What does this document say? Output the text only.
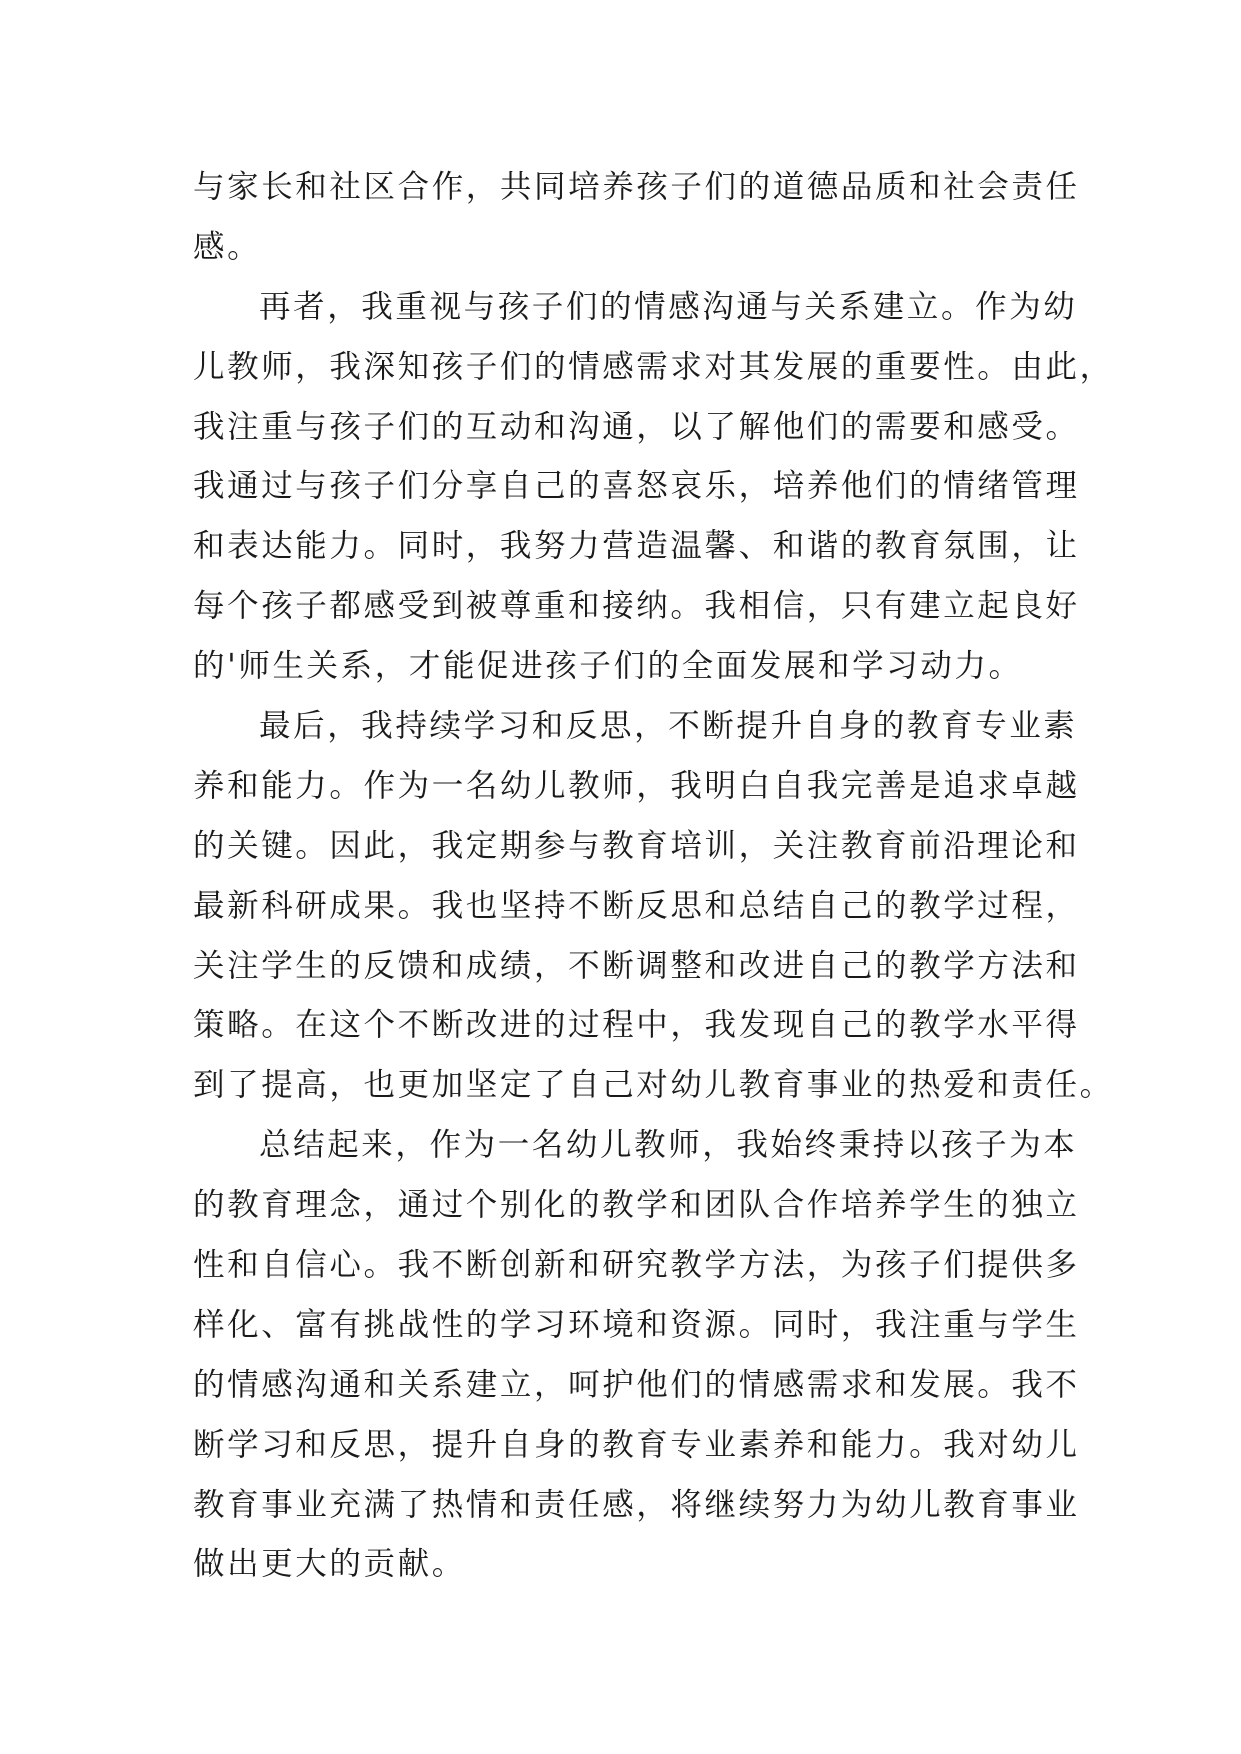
与家长和社区合作，共同培养孩子们的道德品质和社会责任
感。
再者，我重视与孩子们的情感沟通与关系建立。作为幼
儿教师，我深知孩子们的情感需求对其发展的重要性。由此，
我注重与孩子们的互动和沟通，以了解他们的需要和感受。
我通过与孩子们分享自己的喜怒哀乐，培养他们的情绪管理
和表达能力。同时，我努力营造温馨、和谐的教育氛围，让
每个孩子都感受到被尊重和接纳。我相信，只有建立起良好
的'师生关系，才能促进孩子们的全面发展和学习动力。
最后，我持续学习和反思，不断提升自身的教育专业素
养和能力。作为一名幼儿教师，我明白自我完善是追求卓越
的关键。因此，我定期参与教育培训，关注教育前沿理论和
最新科研成果。我也坚持不断反思和总结自己的教学过程，
关注学生的反馈和成绩，不断调整和改进自己的教学方法和
策略。在这个不断改进的过程中，我发现自己的教学水平得
到了提高，也更加坚定了自己对幼儿教育事业的热爱和责任。
总结起来，作为一名幼儿教师，我始终秉持以孩子为本
的教育理念，通过个别化的教学和团队合作培养学生的独立
性和自信心。我不断创新和研究教学方法，为孩子们提供多
样化、富有挑战性的学习环境和资源。同时，我注重与学生
的情感沟通和关系建立，呵护他们的情感需求和发展。我不
断学习和反思，提升自身的教育专业素养和能力。我对幼儿
教育事业充满了热情和责任感，将继续努力为幼儿教育事业
做出更大的贡献。
